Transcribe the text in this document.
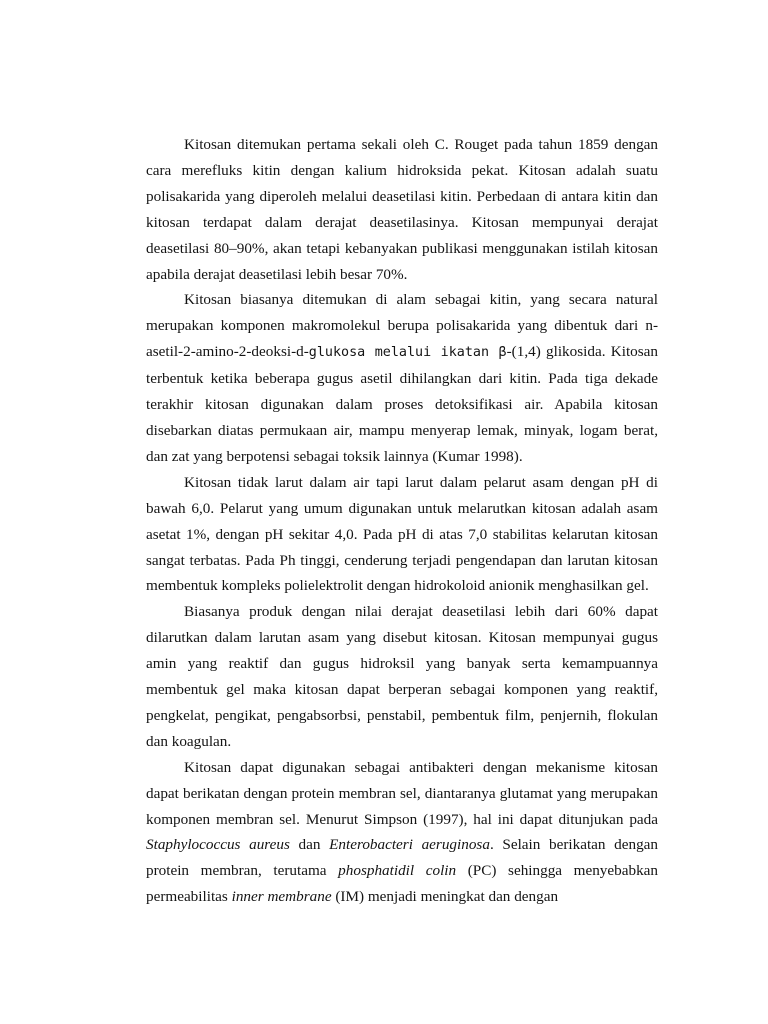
Kitosan ditemukan pertama sekali oleh C. Rouget pada tahun 1859 dengan cara merefluks kitin dengan kalium hidroksida pekat. Kitosan adalah suatu polisakarida yang diperoleh melalui deasetilasi kitin. Perbedaan di antara kitin dan kitosan terdapat dalam derajat deasetilasinya. Kitosan mempunyai derajat deasetilasi 80–90%, akan tetapi kebanyakan publikasi menggunakan istilah kitosan apabila derajat deasetilasi lebih besar 70%.

Kitosan biasanya ditemukan di alam sebagai kitin, yang secara natural merupakan komponen makromolekul berupa polisakarida yang dibentuk dari n-asetil-2-amino-2-deoksi-d-glukosa melalui ikatan β-(1,4) glikosida. Kitosan terbentuk ketika beberapa gugus asetil dihilangkan dari kitin. Pada tiga dekade terakhir kitosan digunakan dalam proses detoksifikasi air. Apabila kitosan disebarkan diatas permukaan air, mampu menyerap lemak, minyak, logam berat, dan zat yang berpotensi sebagai toksik lainnya (Kumar 1998).

Kitosan tidak larut dalam air tapi larut dalam pelarut asam dengan pH di bawah 6,0. Pelarut yang umum digunakan untuk melarutkan kitosan adalah asam asetat 1%, dengan pH sekitar 4,0. Pada pH di atas 7,0 stabilitas kelarutan kitosan sangat terbatas. Pada Ph tinggi, cenderung terjadi pengendapan dan larutan kitosan membentuk kompleks polielektrolit dengan hidrokoloid anionik menghasilkan gel.

Biasanya produk dengan nilai derajat deasetilasi lebih dari 60% dapat dilarutkan dalam larutan asam yang disebut kitosan. Kitosan mempunyai gugus amin yang reaktif dan gugus hidroksil yang banyak serta kemampuannya membentuk gel maka kitosan dapat berperan sebagai komponen yang reaktif, pengkelat, pengikat, pengabsorbsi, penstabil, pembentuk film, penjernih, flokulan dan koagulan.

Kitosan dapat digunakan sebagai antibakteri dengan mekanisme kitosan dapat berikatan dengan protein membran sel, diantaranya glutamat yang merupakan komponen membran sel. Menurut Simpson (1997), hal ini dapat ditunjukan pada Staphylococcus aureus dan Enterobacteri aeruginosa. Selain berikatan dengan protein membran, terutama phosphatidil colin (PC) sehingga menyebabkan permeabilitas inner membrane (IM) menjadi meningkat dan dengan
